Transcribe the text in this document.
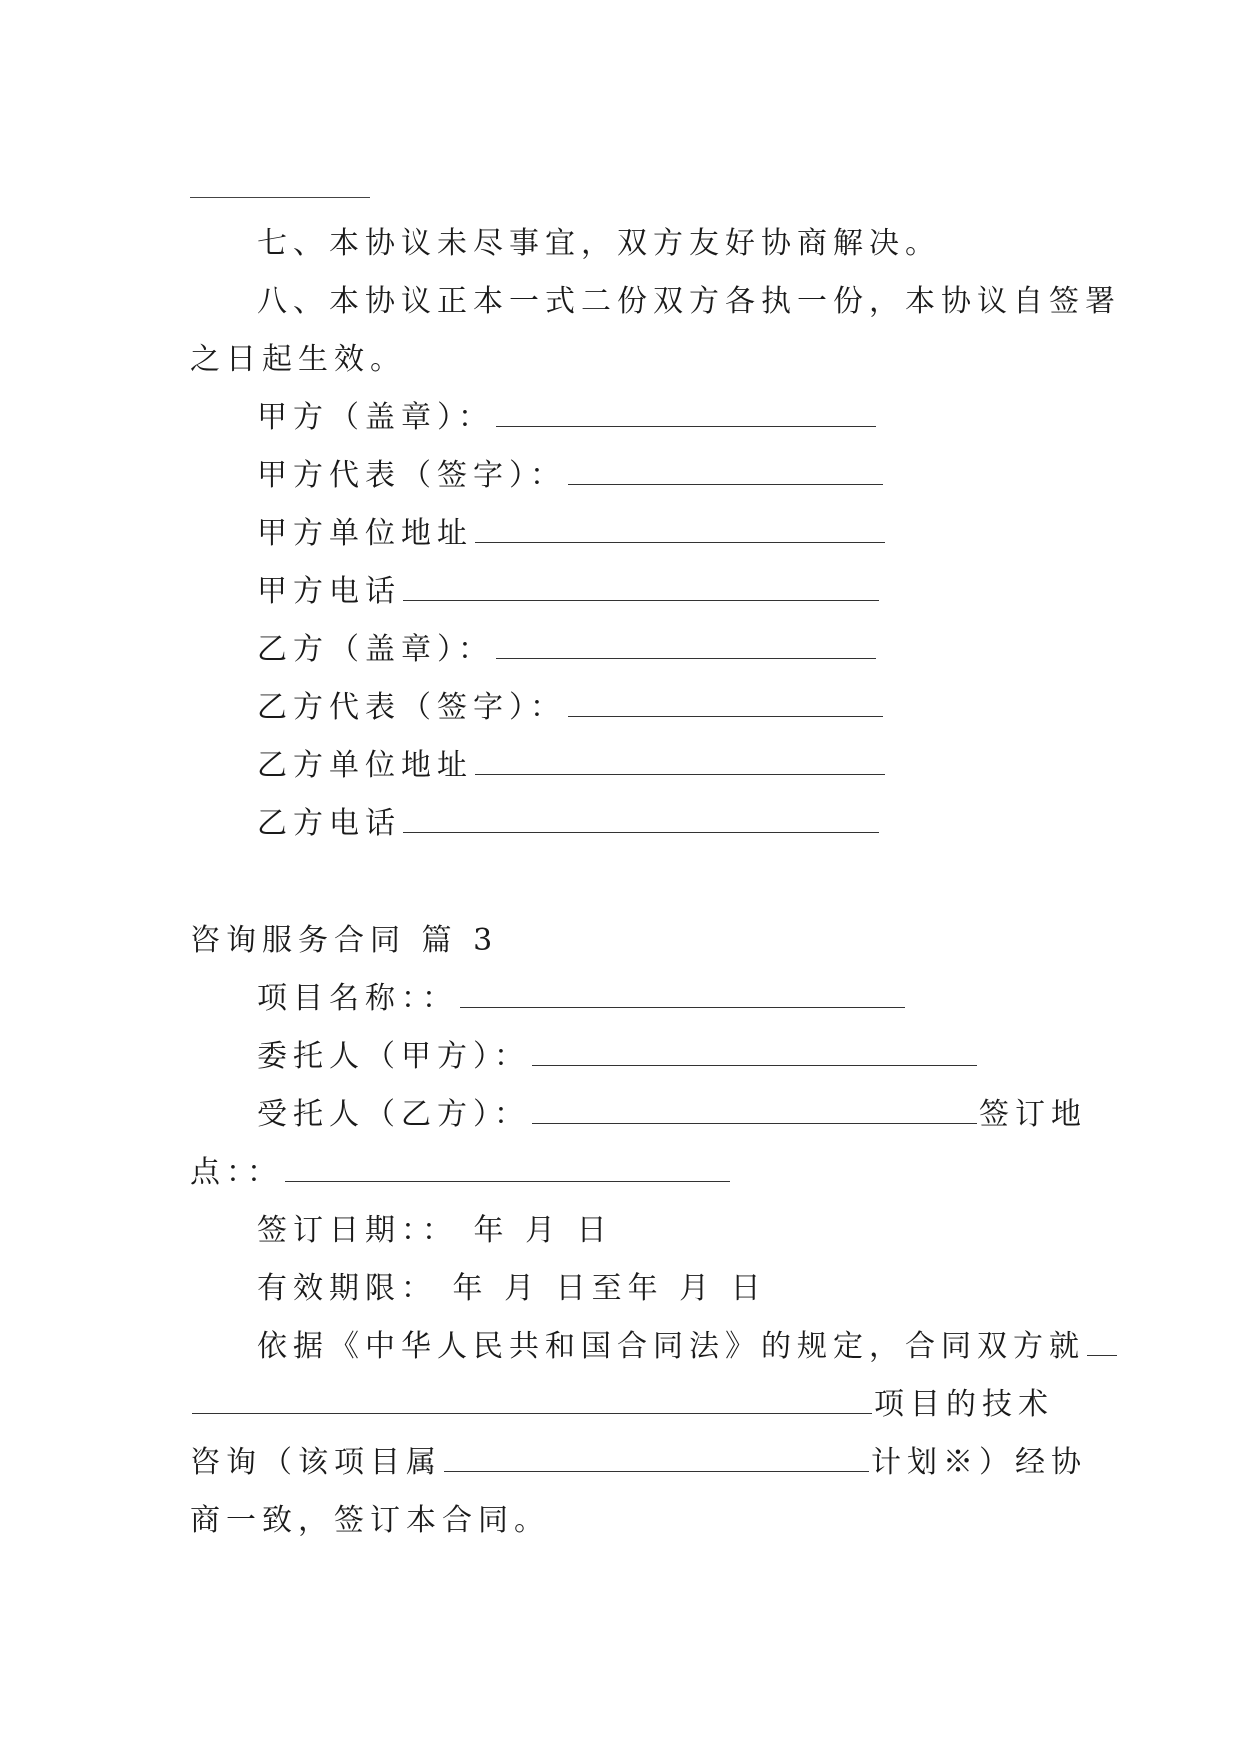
七、本协议未尽事宜，双方友好协商解决。
八、本协议正本一式二份双方各执一份，本协议自签署
之日起生效。
甲方（盖章）：
甲方代表（签字）：
甲方单位地址
甲方电话
乙方（盖章）：
乙方代表（签字）：
乙方单位地址
乙方电话
咨询服务合同 篇 3
项目名称：：
委托人（甲方）：
受托人（乙方）：	签订地
点：：
签订日期：： 年 月 日
有效期限： 年 月 日至年 月 日
依据《中华人民共和国合同法》的规定，合同双方就
项目的技术
咨询（该项目属	计划※）经协
商一致，签订本合同。
